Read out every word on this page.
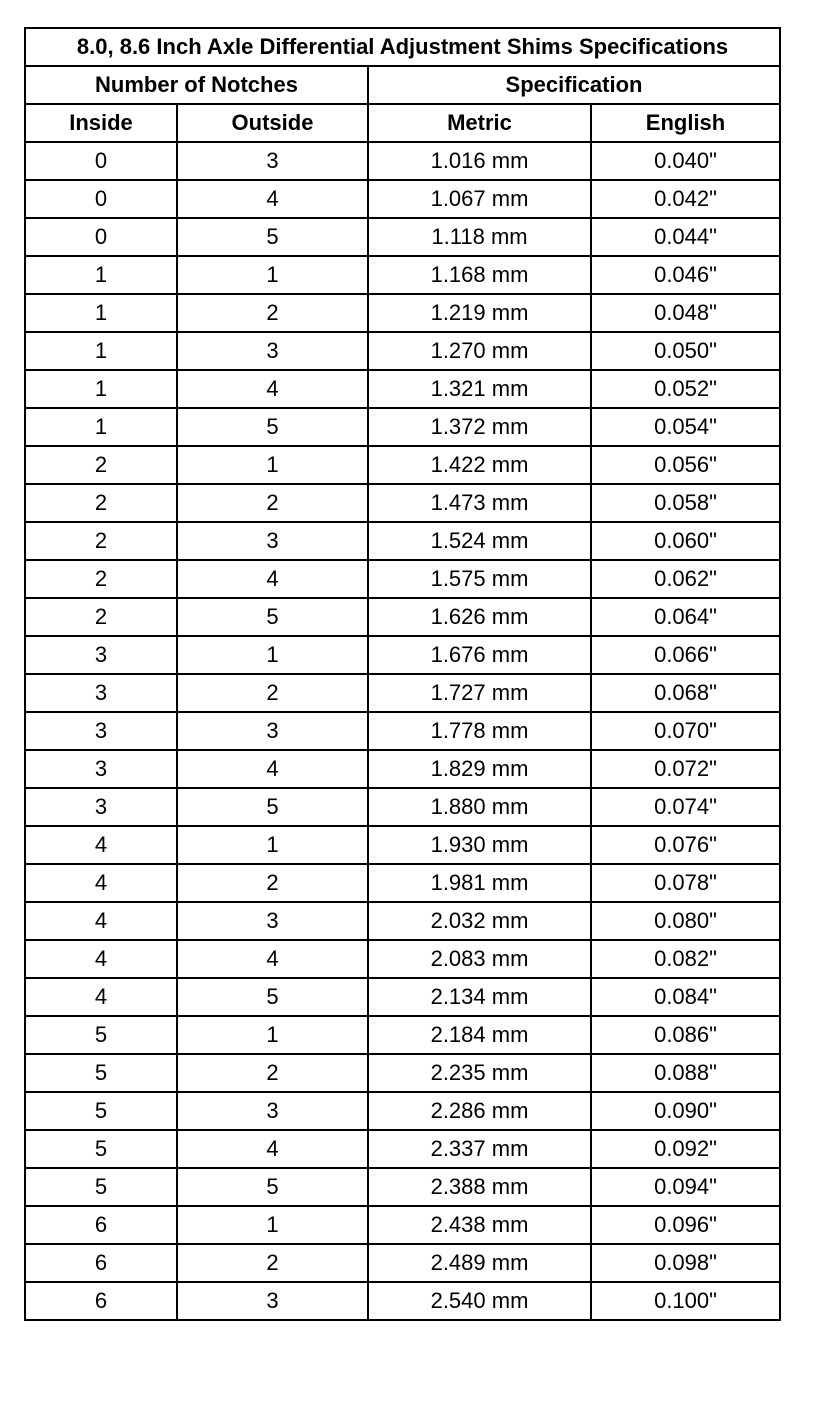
8.0, 8.6 Inch Axle Differential Adjustment Shims Specifications			
Number of Notches		Specification	
Inside	Outside	Metric	English
0	3	1.016 mm	0.040"
0	4	1.067 mm	0.042"
0	5	1.118 mm	0.044"
1	1	1.168 mm	0.046"
1	2	1.219 mm	0.048"
1	3	1.270 mm	0.050"
1	4	1.321 mm	0.052"
1	5	1.372 mm	0.054"
2	1	1.422 mm	0.056"
2	2	1.473 mm	0.058"
2	3	1.524 mm	0.060"
2	4	1.575 mm	0.062"
2	5	1.626 mm	0.064"
3	1	1.676 mm	0.066"
3	2	1.727 mm	0.068"
3	3	1.778 mm	0.070"
3	4	1.829 mm	0.072"
3	5	1.880 mm	0.074"
4	1	1.930 mm	0.076"
4	2	1.981 mm	0.078"
4	3	2.032 mm	0.080"
4	4	2.083 mm	0.082"
4	5	2.134 mm	0.084"
5	1	2.184 mm	0.086"
5	2	2.235 mm	0.088"
5	3	2.286 mm	0.090"
5	4	2.337 mm	0.092"
5	5	2.388 mm	0.094"
6	1	2.438 mm	0.096"
6	2	2.489 mm	0.098"
6	3	2.540 mm	0.100"
